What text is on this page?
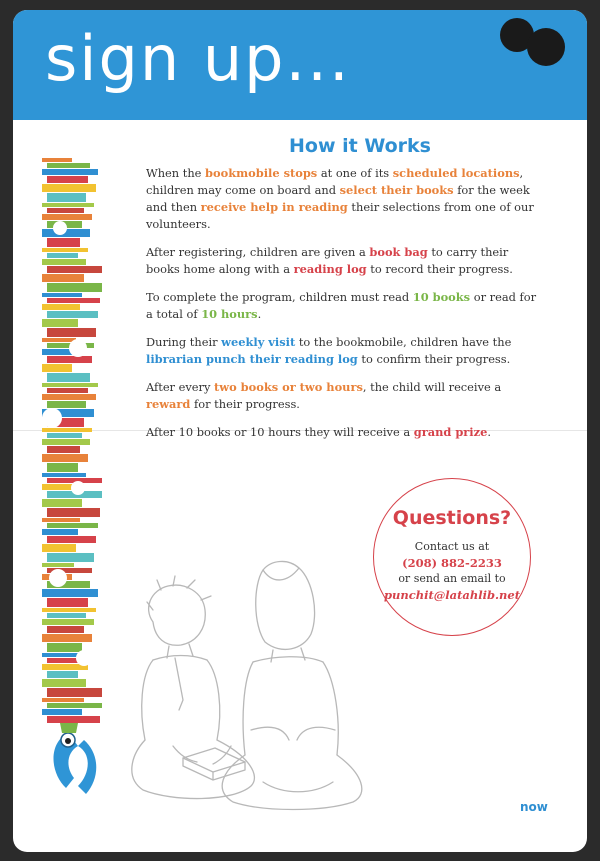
sign up...
How it Works

When the bookmobile stops at one of its scheduled locations, children may come on board and select their books for the week and then receive help in reading their selections from one of our volunteers.

After registering, children are given a book bag to carry their books home along with a reading log to record their progress.

To complete the program, children must read 10 books or read for a total of 10 hours.

During their weekly visit to the bookmobile, children have the librarian punch their reading log to confirm their progress.

After every two books or two hours, the child will receive a reward for their progress.

After 10 books or 10 hours they will receive a grand prize.

Questions?
Contact us at
(208) 882-2233
or send an email to
punchit@latahlib.net
now
